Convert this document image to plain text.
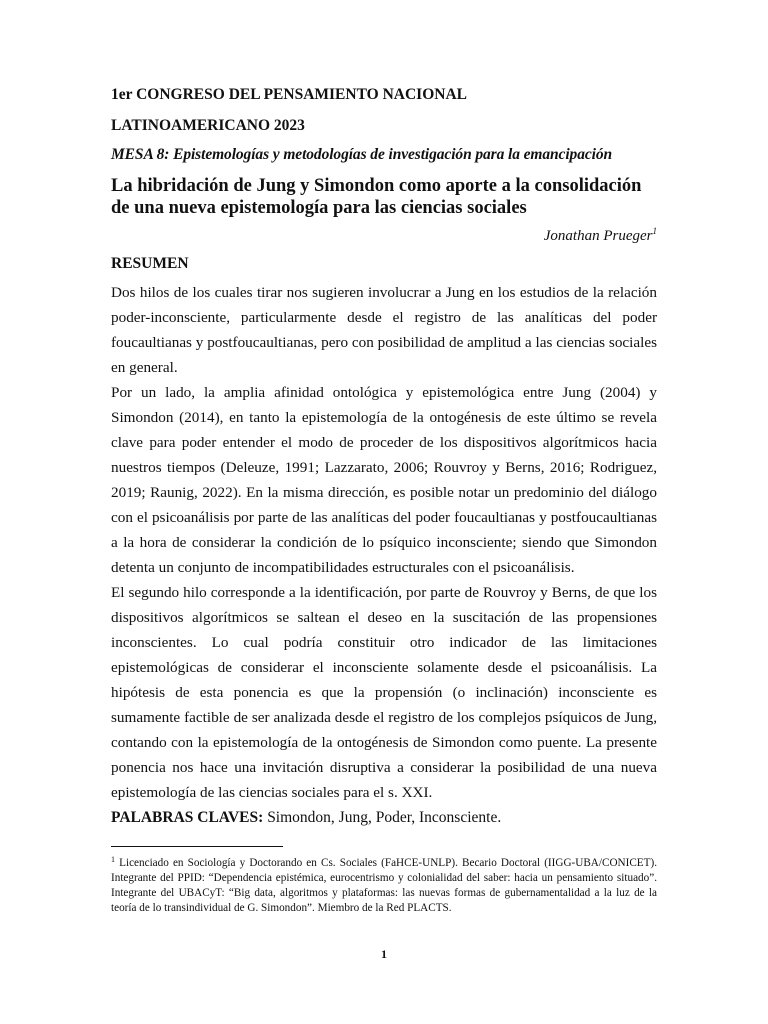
1er CONGRESO DEL PENSAMIENTO NACIONAL
LATINOAMERICANO 2023
MESA 8: Epistemologías y metodologías de investigación para la emancipación
La hibridación de Jung y Simondon como aporte a la consolidación de una nueva epistemología para las ciencias sociales
Jonathan Prueger$^1$
RESUMEN

Dos hilos de los cuales tirar nos sugieren involucrar a Jung en los estudios de la relación poder-inconsciente, particularmente desde el registro de las analíticas del poder foucaultianas y postfoucaultianas, pero con posibilidad de amplitud a las ciencias sociales en general.

Por un lado, la amplia afinidad ontológica y epistemológica entre Jung (2004) y Simondon (2014), en tanto la epistemología de la ontogénesis de este último se revela clave para poder entender el modo de proceder de los dispositivos algorítmicos hacia nuestros tiempos (Deleuze, 1991; Lazzarato, 2006; Rouvroy y Berns, 2016; Rodriguez, 2019; Raunig, 2022). En la misma dirección, es posible notar un predominio del diálogo con el psicoanálisis por parte de las analíticas del poder foucaultianas y postfoucaultianas a la hora de considerar la condición de lo psíquico inconsciente; siendo que Simondon detenta un conjunto de incompatibilidades estructurales con el psicoanálisis.

El segundo hilo corresponde a la identificación, por parte de Rouvroy y Berns, de que los dispositivos algorítmicos se saltean el deseo en la suscitación de las propensiones inconscientes. Lo cual podría constituir otro indicador de las limitaciones epistemológicas de considerar el inconsciente solamente desde el psicoanálisis. La hipótesis de esta ponencia es que la propensión (o inclinación) inconsciente es sumamente factible de ser analizada desde el registro de los complejos psíquicos de Jung, contando con la epistemología de la ontogénesis de Simondon como puente. La presente ponencia nos hace una invitación disruptiva a considerar la posibilidad de una nueva epistemología de las ciencias sociales para el s. XXI.

PALABRAS CLAVES: Simondon, Jung, Poder, Inconsciente.
$^1$ Licenciado en Sociología y Doctorando en Cs. Sociales (FaHCE-UNLP). Becario Doctoral (IIGG-UBA/CONICET). Integrante del PPID: “Dependencia epistémica, eurocentrismo y colonialidad del saber: hacia un pensamiento situado”. Integrante del UBACyT: “Big data, algoritmos y plataformas: las nuevas formas de gubernamentalidad a la luz de la teoría de lo transindividual de G. Simondon”. Miembro de la Red PLACTS.
1
